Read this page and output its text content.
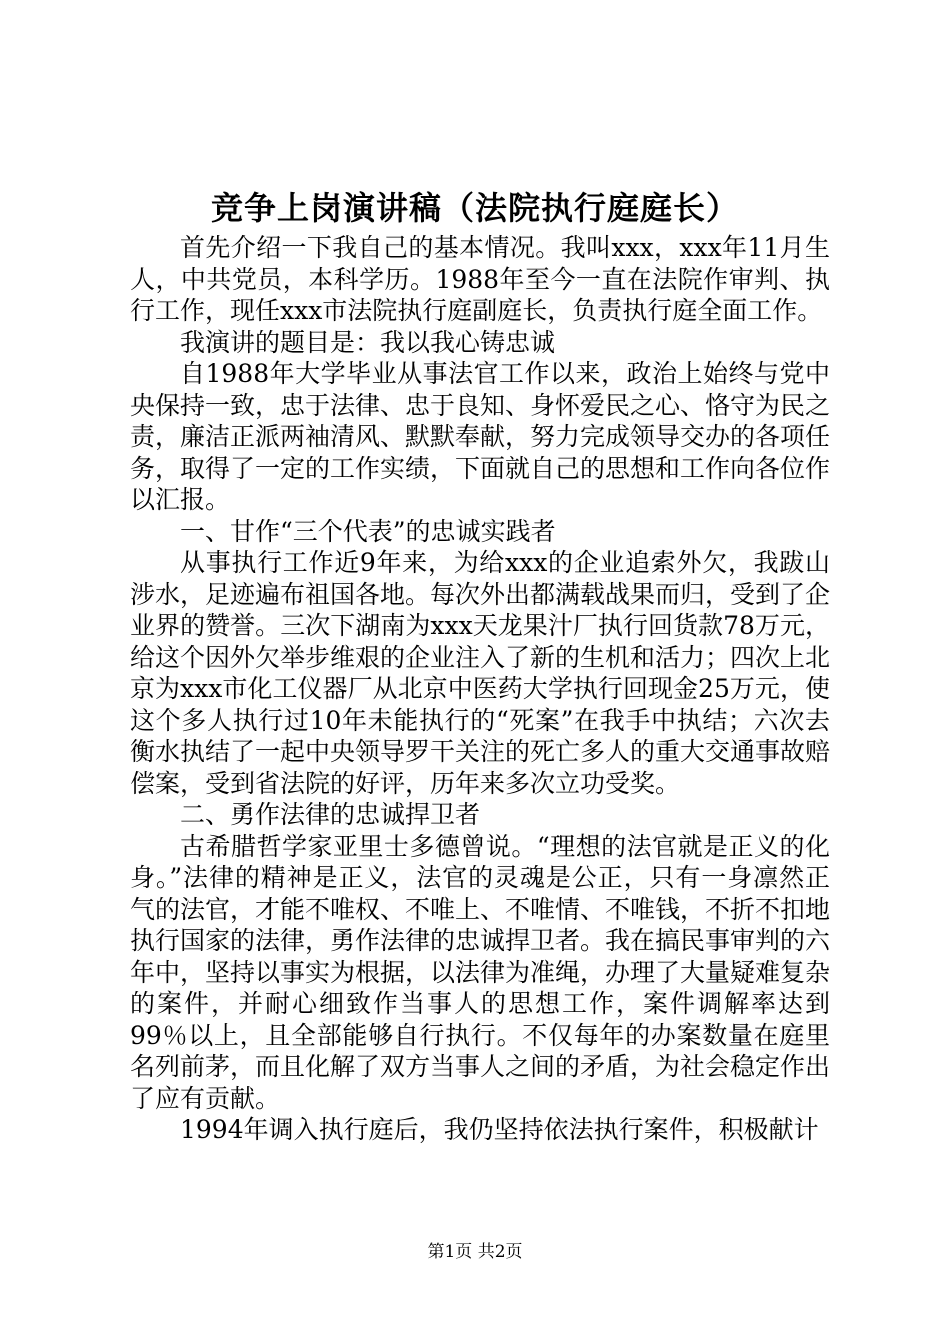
竞争上岗演讲稿（法院执行庭庭长）

首先介绍一下我自己的基本情况。我叫xxx，xxx年11月生人，中共党员，本科学历。1988年至今一直在法院作审判、执行工作，现任xxx市法院执行庭副庭长，负责执行庭全面工作。

我演讲的题目是：我以我心铸忠诚

自1988年大学毕业从事法官工作以来，政治上始终与党中央保持一致，忠于法律、忠于良知、身怀爱民之心、恪守为民之责，廉洁正派两袖清风、默默奉献，努力完成领导交办的各项任务，取得了一定的工作实绩，下面就自己的思想和工作向各位作以汇报。

一、甘作“三个代表”的忠诚实践者

从事执行工作近9年来，为给xxx的企业追索外欠，我跋山涉水，足迹遍布祖国各地。每次外出都满载战果而归，受到了企业界的赞誉。三次下湖南为xxx天龙果汁厂执行回货款78万元，给这个因外欠举步维艰的企业注入了新的生机和活力；四次上北京为xxx市化工仪器厂从北京中医药大学执行回现金25万元，使这个多人执行过10年未能执行的“死案”在我手中执结；六次去衡水执结了一起中央领导罗干关注的死亡多人的重大交通事故赔偿案，受到省法院的好评，历年来多次立功受奖。

二、勇作法律的忠诚捍卫者

古希腊哲学家亚里士多德曾说。“理想的法官就是正义的化身。”法律的精神是正义，法官的灵魂是公正，只有一身凛然正气的法官，才能不唯权、不唯上、不唯情、不唯钱，不折不扣地执行国家的法律，勇作法律的忠诚捍卫者。我在搞民事审判的六年中，坚持以事实为根据，以法律为准绳，办理了大量疑难复杂的案件，并耐心细致作当事人的思想工作，案件调解率达到99％以上，且全部能够自行执行。不仅每年的办案数量在庭里名列前茅，而且化解了双方当事人之间的矛盾，为社会稳定作出了应有贡献。

1994年调入执行庭后，我仍坚持依法执行案件，积极献计

第1页 共2页
